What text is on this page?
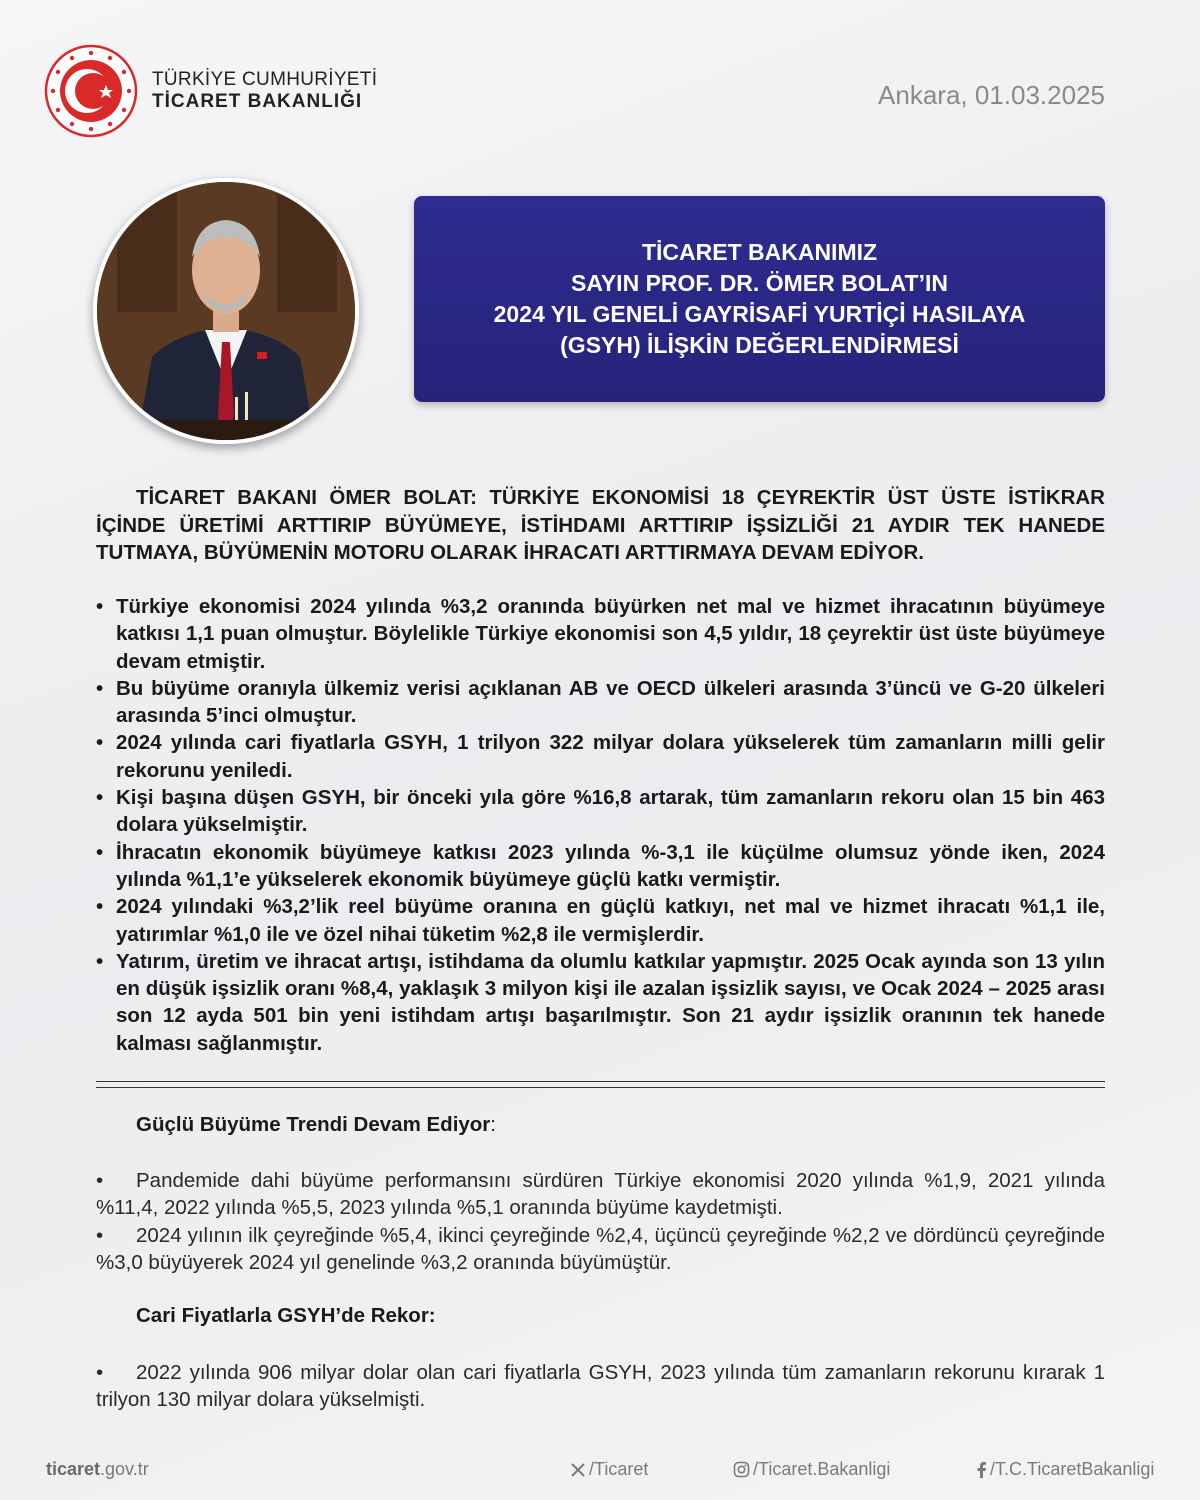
TÜRKİYE CUMHURİYETİ
TİCARET BAKANLIĞI	Ankara, 01.03.2025
TİCARET BAKANIMIZ
SAYIN PROF. DR. ÖMER BOLAT’IN
2024 YIL GENELİ GAYRİSAFİ YURTİÇİ HASILAYA
(GSYH) İLİŞKİN DEĞERLENDİRMESİ
TİCARET BAKANI ÖMER BOLAT: TÜRKİYE EKONOMİSİ 18 ÇEYREKTİR ÜST ÜSTE İSTİKRAR İÇİNDE ÜRETİMİ ARTTIRIP BÜYÜMEYE, İSTİHDAMI ARTTIRIP İŞSİZLİĞİ 21 AYDIR TEK HANEDE TUTMAYA, BÜYÜMENİN MOTORU OLARAK İHRACATI ARTTIRMAYA DEVAM EDİYOR.
• Türkiye ekonomisi 2024 yılında %3,2 oranında büyürken net mal ve hizmet ihracatının büyümeye katkısı 1,1 puan olmuştur. Böylelikle Türkiye ekonomisi son 4,5 yıldır, 18 çeyrektir üst üste büyümeye devam etmiştir.
• Bu büyüme oranıyla ülkemiz verisi açıklanan AB ve OECD ülkeleri arasında 3’üncü ve G-20 ülkeleri arasında 5’inci olmuştur.
• 2024 yılında cari fiyatlarla GSYH, 1 trilyon 322 milyar dolara yükselerek tüm zamanların milli gelir rekorunu yeniledi.
• Kişi başına düşen GSYH, bir önceki yıla göre %16,8 artarak, tüm zamanların rekoru olan 15 bin 463 dolara yükselmiştir.
• İhracatın ekonomik büyümeye katkısı 2023 yılında %-3,1 ile küçülme olumsuz yönde iken, 2024 yılında %1,1’e yükselerek ekonomik büyümeye güçlü katkı vermiştir.
• 2024 yılındaki %3,2’lik reel büyüme oranına en güçlü katkıyı, net mal ve hizmet ihracatı %1,1 ile, yatırımlar %1,0 ile ve özel nihai tüketim %2,8 ile vermişlerdir.
• Yatırım, üretim ve ihracat artışı, istihdama da olumlu katkılar yapmıştır. 2025 Ocak ayında son 13 yılın en düşük işsizlik oranı %8,4, yaklaşık 3 milyon kişi ile azalan işsizlik sayısı, ve Ocak 2024 – 2025 arası son 12 ayda 501 bin yeni istihdam artışı başarılmıştır. Son 21 aydır işsizlik oranının tek hanede kalması sağlanmıştır.
Güçlü Büyüme Trendi Devam Ediyor:

• Pandemide dahi büyüme performansını sürdüren Türkiye ekonomisi 2020 yılında %1,9, 2021 yılında %11,4, 2022 yılında %5,5, 2023 yılında %5,1 oranında büyüme kaydetmişti.

• 2024 yılının ilk çeyreğinde %5,4, ikinci çeyreğinde %2,4, üçüncü çeyreğinde %2,2 ve dördüncü çeyreğinde %3,0 büyüyerek 2024 yıl genelinde %3,2 oranında büyümüştür.

Cari Fiyatlarla GSYH’de Rekor:

• 2022 yılında 906 milyar dolar olan cari fiyatlarla GSYH, 2023 yılında tüm zamanların rekorunu kırarak 1 trilyon 130 milyar dolara yükselmişti.

ticaret.gov.tr	/Ticaret	/Ticaret.Bakanligi	/T.C.TicaretBakanligi
